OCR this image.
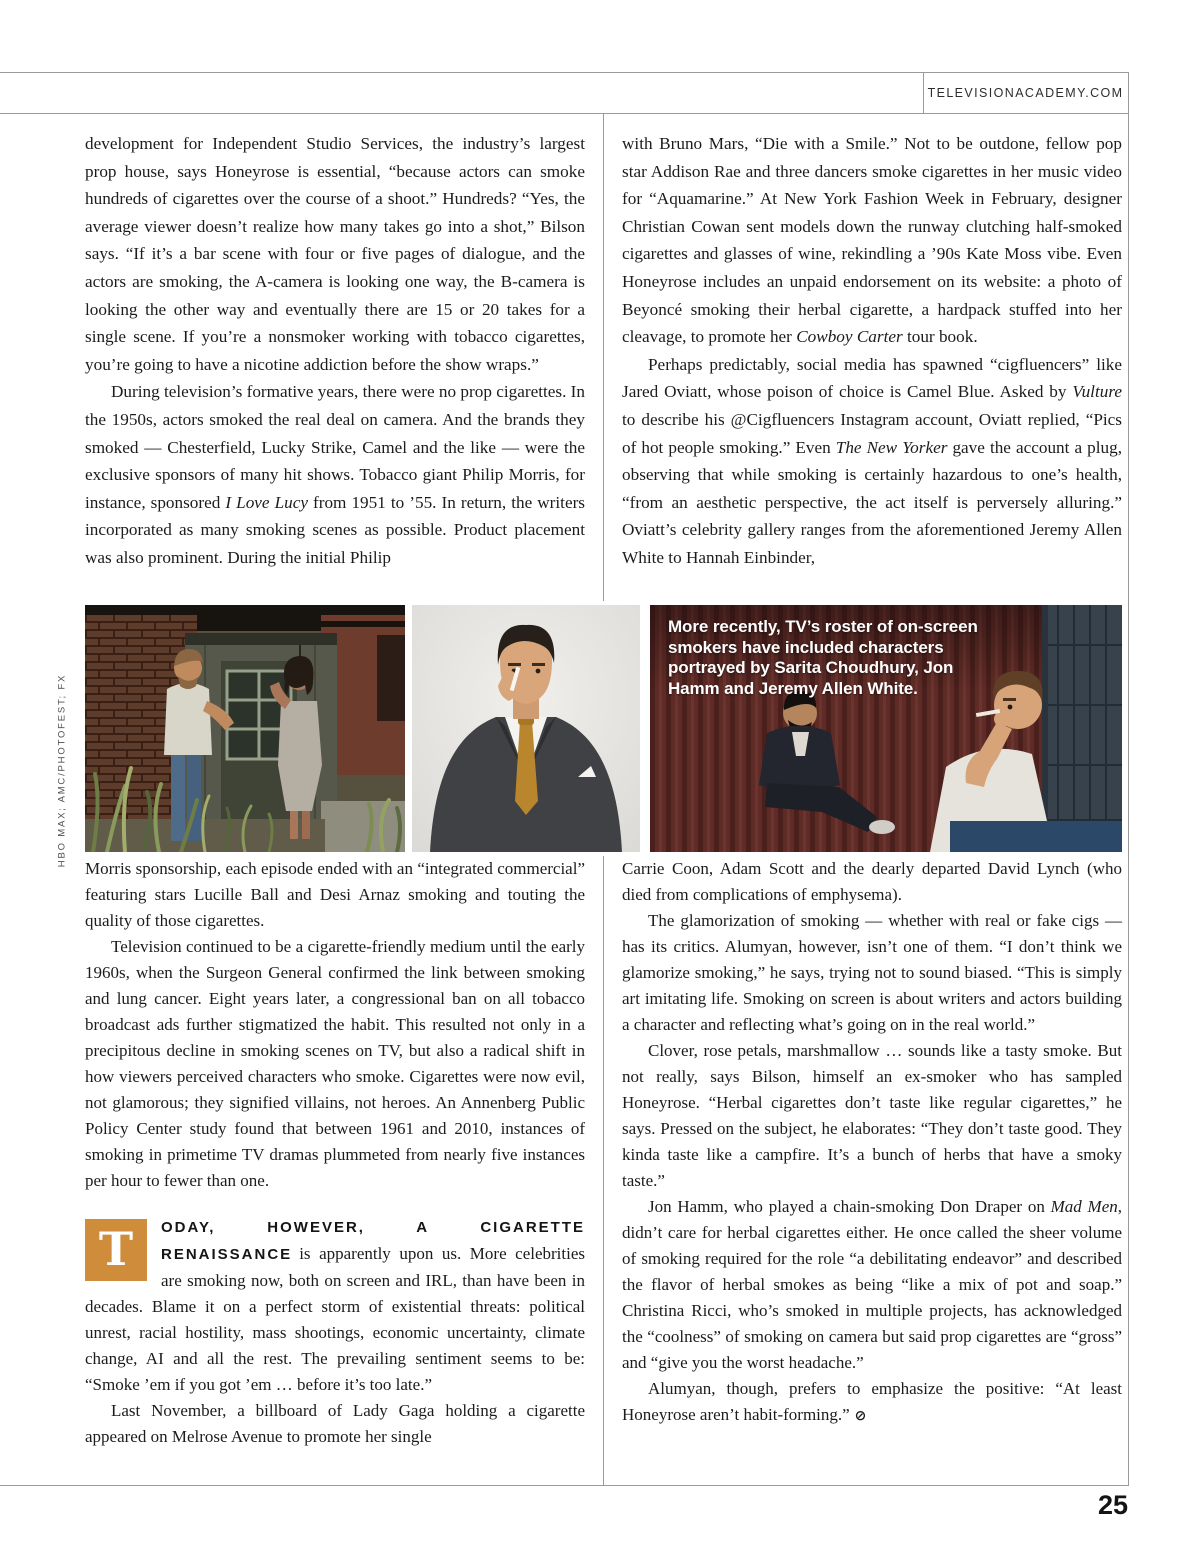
TELEVISIONACADEMY.COM

development for Independent Studio Services, the industry’s largest prop house, says Honeyrose is essential, “because actors can smoke hundreds of cigarettes over the course of a shoot.” Hundreds? “Yes, the average viewer doesn’t realize how many takes go into a shot,” Bilson says. “If it’s a bar scene with four or five pages of dialogue, and the actors are smoking, the A-camera is looking one way, the B-camera is looking the other way and eventually there are 15 or 20 takes for a single scene. If you’re a nonsmoker working with tobacco cigarettes, you’re going to have a nicotine addiction before the show wraps.”

During television’s formative years, there were no prop cigarettes. In the 1950s, actors smoked the real deal on camera. And the brands they smoked — Chesterfield, Lucky Strike, Camel and the like — were the exclusive sponsors of many hit shows. Tobacco giant Philip Morris, for instance, sponsored I Love Lucy from 1951 to ’55. In return, the writers incorporated as many smoking scenes as possible. Product placement was also prominent. During the initial Philip

with Bruno Mars, “Die with a Smile.” Not to be outdone, fellow pop star Addison Rae and three dancers smoke cigarettes in her music video for “Aquamarine.” At New York Fashion Week in February, designer Christian Cowan sent models down the runway clutching half-smoked cigarettes and glasses of wine, rekindling a ’90s Kate Moss vibe. Even Honeyrose includes an unpaid endorsement on its website: a photo of Beyoncé smoking their herbal cigarette, a hardpack stuffed into her cleavage, to promote her Cowboy Carter tour book.

Perhaps predictably, social media has spawned “cigfluencers” like Jared Oviatt, whose poison of choice is Camel Blue. Asked by Vulture to describe his @Cigfluencers Instagram account, Oviatt replied, “Pics of hot people smoking.” Even The New Yorker gave the account a plug, observing that while smoking is certainly hazardous to one’s health, “from an aesthetic perspective, the act itself is perversely alluring.” Oviatt’s celebrity gallery ranges from the aforementioned Jeremy Allen White to Hannah Einbinder,

More recently, TV’s roster of on-screen smokers have included characters portrayed by Sarita Choudhury, Jon Hamm and Jeremy Allen White.
HBO MAX; AMC/PHOTOFEST; FX

Morris sponsorship, each episode ended with an “integrated commercial” featuring stars Lucille Ball and Desi Arnaz smoking and touting the quality of those cigarettes.

Television continued to be a cigarette-friendly medium until the early 1960s, when the Surgeon General confirmed the link between smoking and lung cancer. Eight years later, a congressional ban on all tobacco broadcast ads further stigmatized the habit. This resulted not only in a precipitous decline in smoking scenes on TV, but also a radical shift in how viewers perceived characters who smoke. Cigarettes were now evil, not glamorous; they signified villains, not heroes. An Annenberg Public Policy Center study found that between 1961 and 2010, instances of smoking in primetime TV dramas plummeted from nearly five instances per hour to fewer than one.

T	ODAY, HOWEVER, A CIGARETTE RENAISSANCE is apparently upon us. More celebrities are smoking now, both on screen and IRL, than have been in decades. Blame it on a perfect storm of existential threats: political unrest, racial hostility, mass shootings, economic uncertainty, climate change, AI and all the rest. The prevailing sentiment seems to be: “Smoke ’em if you got ’em … before it’s too late.”

Last November, a billboard of Lady Gaga holding a cigarette appeared on Melrose Avenue to promote her single

Carrie Coon, Adam Scott and the dearly departed David Lynch (who died from complications of emphysema).

The glamorization of smoking — whether with real or fake cigs — has its critics. Alumyan, however, isn’t one of them. “I don’t think we glamorize smoking,” he says, trying not to sound biased. “This is simply art imitating life. Smoking on screen is about writers and actors building a character and reflecting what’s going on in the real world.”

Clover, rose petals, marshmallow … sounds like a tasty smoke. But not really, says Bilson, himself an ex-smoker who has sampled Honeyrose. “Herbal cigarettes don’t taste like regular cigarettes,” he says. Pressed on the subject, he elaborates: “They don’t taste good. They kinda taste like a campfire. It’s a bunch of herbs that have a smoky taste.”

Jon Hamm, who played a chain-smoking Don Draper on Mad Men, didn’t care for herbal cigarettes either. He once called the sheer volume of smoking required for the role “a debilitating endeavor” and described the flavor of herbal smokes as being “like a mix of pot and soap.” Christina Ricci, who’s smoked in multiple projects, has acknowledged the “coolness” of smoking on camera but said prop cigarettes are “gross” and “give you the worst headache.”

Alumyan, though, prefers to emphasize the positive: “At least Honeyrose aren’t habit-forming.” ⊘

25
